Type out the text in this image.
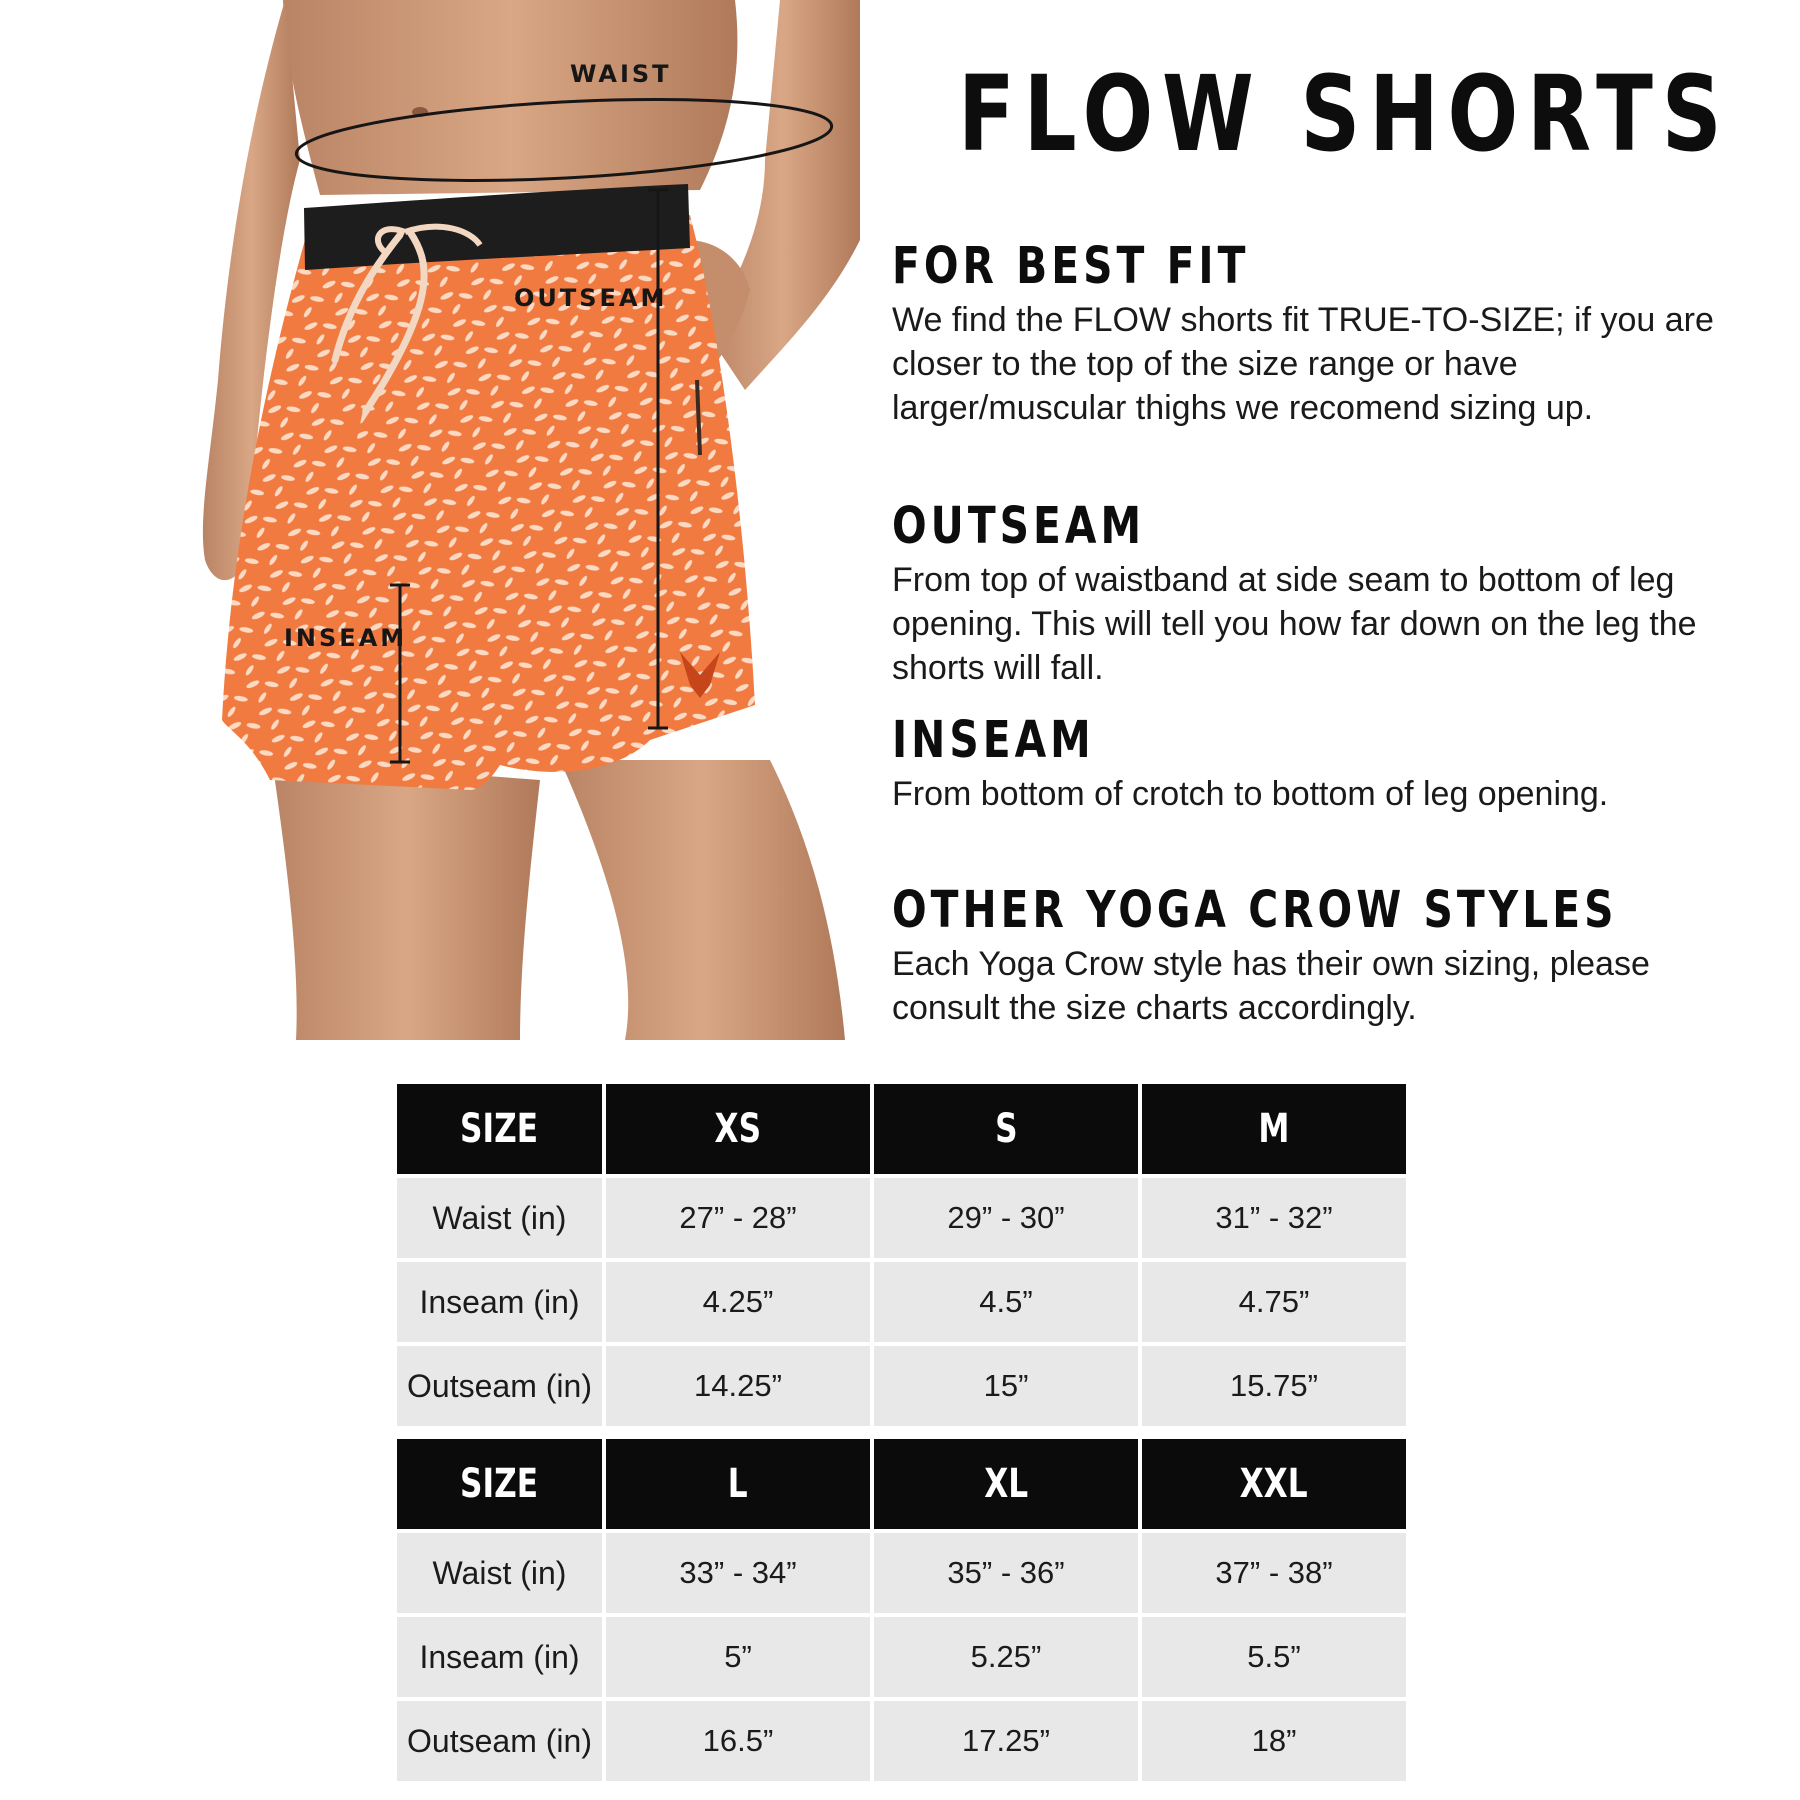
WAIST
OUTSEAM
INSEAM
FLOW SHORTS
FOR BEST FIT

We find the FLOW shorts fit TRUE-TO-SIZE; if you are closer to the top of the size range or have larger/muscular thighs we recomend sizing up.

OUTSEAM

From top of waistband at side seam to bottom of leg opening. This will tell you how far down on the leg the shorts will fall.

INSEAM

From bottom of crotch to bottom of leg opening.

OTHER YOGA CROW STYLES

Each Yoga Crow style has their own sizing, please consult the size charts accordingly.

SIZE	XS	S	M
Waist (in)	27” - 28”	29” - 30”	31” - 32”
Inseam (in)	4.25”	4.5”	4.75”
Outseam (in)	14.25”	15”	15.75”
SIZE	L	XL	XXL
Waist (in)	33” - 34”	35” - 36”	37” - 38”
Inseam (in)	5”	5.25”	5.5”
Outseam (in)	16.5”	17.25”	18”
